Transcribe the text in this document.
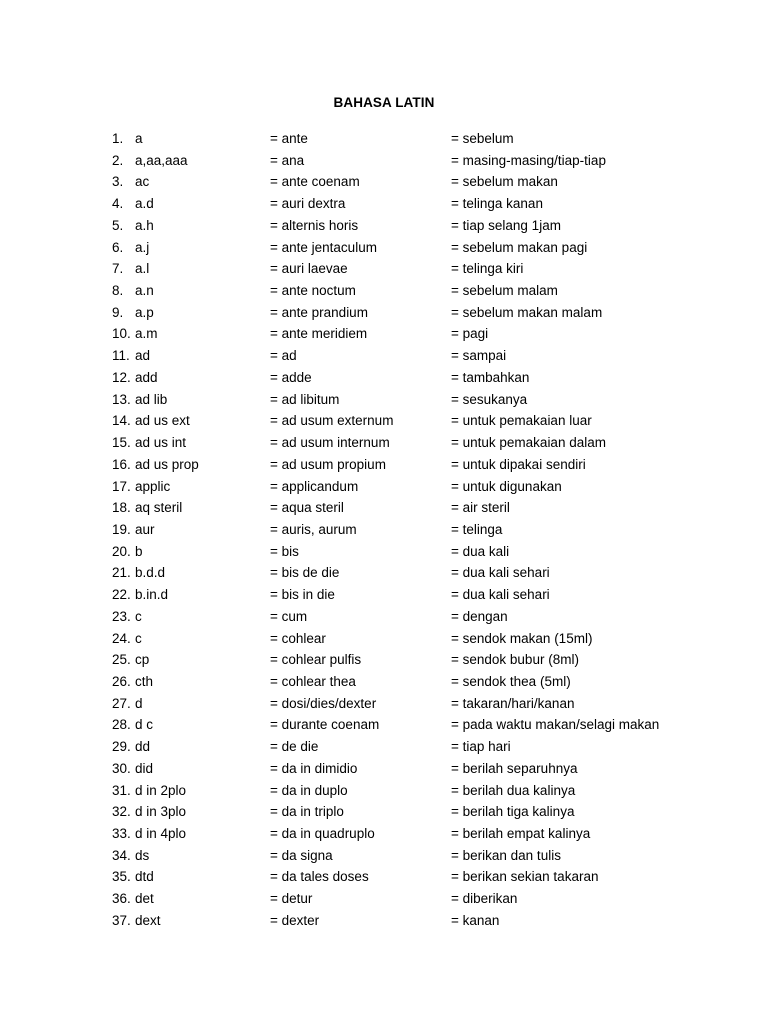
BAHASA LATIN
1. a	= ante	= sebelum
2. a,aa,aaa	= ana	= masing-masing/tiap-tiap
3. ac	= ante coenam	= sebelum makan
4. a.d	= auri dextra	= telinga kanan
5. a.h	= alternis horis	= tiap selang 1jam
6. a.j	= ante jentaculum	= sebelum makan pagi
7. a.l	= auri laevae	= telinga kiri
8. a.n	= ante noctum	= sebelum malam
9. a.p	= ante prandium	= sebelum makan malam
10. a.m	= ante meridiem	= pagi
11. ad	= ad	= sampai
12. add	= adde	= tambahkan
13. ad lib	= ad libitum	= sesukanya
14. ad us ext	= ad usum externum	= untuk pemakaian luar
15. ad us int	= ad usum internum	= untuk pemakaian dalam
16. ad us prop	= ad usum propium	= untuk dipakai sendiri
17. applic	= applicandum	= untuk digunakan
18. aq steril	= aqua steril	= air steril
19. aur	= auris, aurum	= telinga
20. b	= bis	= dua kali
21. b.d.d	= bis de die	= dua kali sehari
22. b.in.d	= bis in die	= dua kali sehari
23. c	= cum	= dengan
24. c	= cohlear	= sendok makan (15ml)
25. cp	= cohlear pulfis	= sendok bubur (8ml)
26. cth	= cohlear thea	= sendok thea (5ml)
27. d	= dosi/dies/dexter	= takaran/hari/kanan
28. d c	= durante coenam	= pada waktu makan/selagi makan
29. dd	= de die	= tiap hari
30. did	= da in dimidio	= berilah separuhnya
31. d in 2plo	= da in duplo	= berilah dua kalinya
32. d in 3plo	= da in triplo	= berilah tiga kalinya
33. d in 4plo	= da in quadruplo	= berilah empat kalinya
34. ds	= da signa	= berikan dan tulis
35. dtd	= da tales doses	= berikan sekian takaran
36. det	= detur	= diberikan
37. dext	= dexter	= kanan
